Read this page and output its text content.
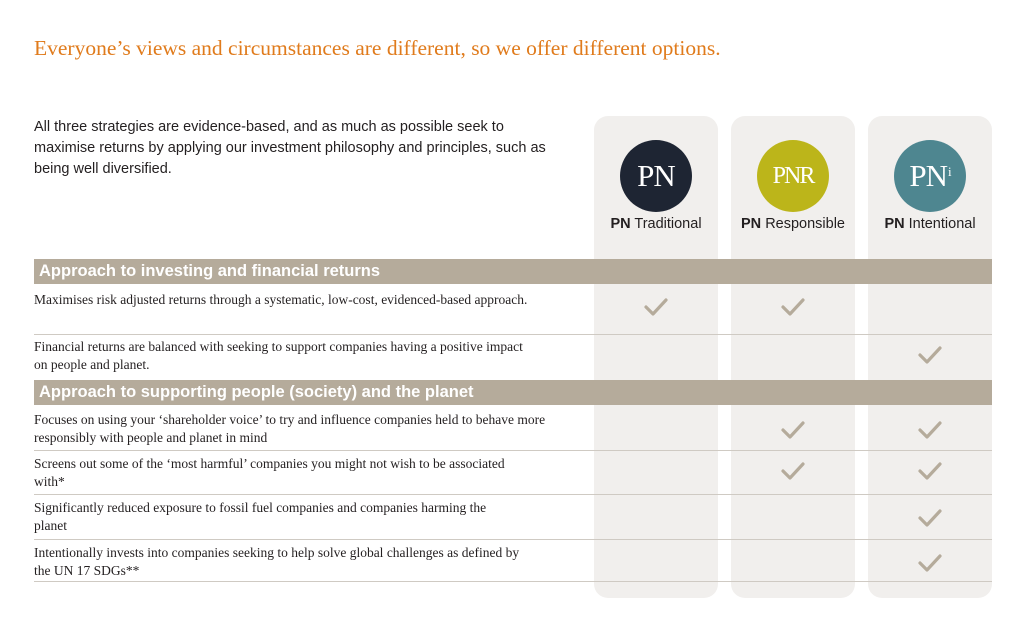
Everyone’s views and circumstances are different, so we offer different options.
All three strategies are evidence-based, and as much as possible seek to maximise returns by applying our investment philosophy and principles, such as being well diversified.	PN
PN Traditional
PNR
PN Responsible
$PN^i$
PN Intentional
Approach to investing and financial returns
Approach to supporting people (society) and the planet
Maximises risk adjusted returns through a systematic, low-cost, evidenced-based approach.
Financial returns are balanced with seeking to support companies having a positive impact on people and planet.
Focuses on using your ‘shareholder voice’ to try and influence companies held to behave more responsibly with people and planet in mind
Screens out some of the ‘most harmful’ companies you might not wish to be associated with*
Significantly reduced exposure to fossil fuel companies and companies harming the planet
Intentionally invests into companies seeking to help solve global challenges as defined by the UN 17 SDGs**
